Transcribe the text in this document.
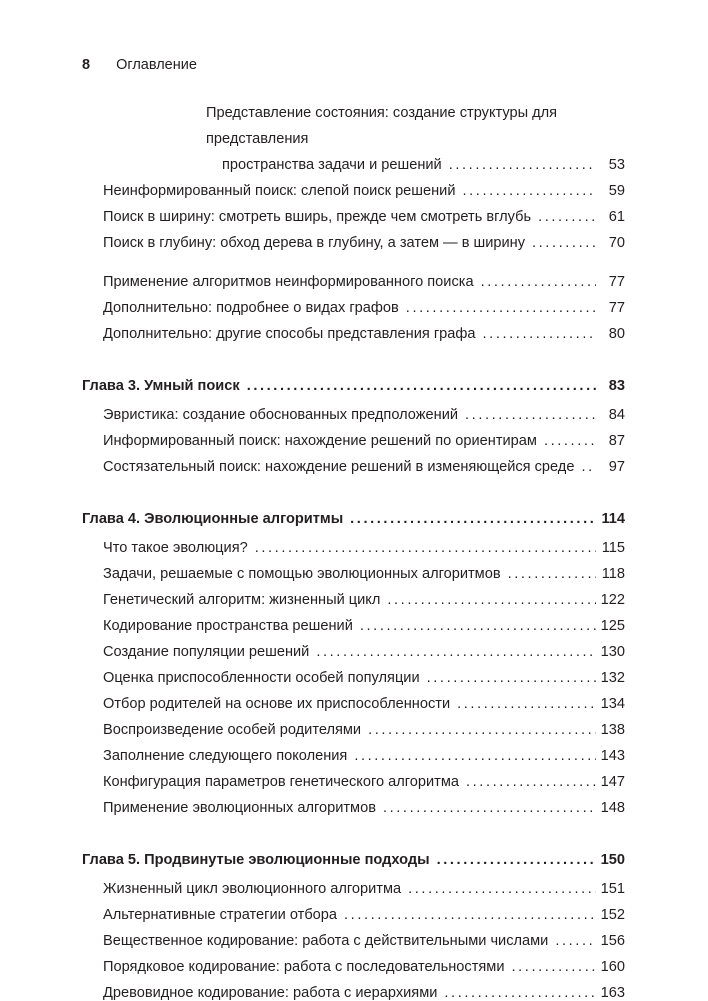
8 Оглавление
Представление состояния: создание структуры для представления
пространства задачи и решений .....	53
Неинформированный поиск: слепой поиск решений .....	59
Поиск в ширину: смотреть вширь, прежде чем смотреть вглубь .....	61
Поиск в глубину: обход дерева в глубину, а затем — в ширину .....	70
Применение алгоритмов неинформированного поиска .....	77
Дополнительно: подробнее о видах графов .....	77
Дополнительно: другие способы представления графа .....	80
Глава 3. Умный поиск .....	83
Эвристика: создание обоснованных предположений .....	84
Информированный поиск: нахождение решений по ориентирам .....	87
Состязательный поиск: нахождение решений в изменяющейся среде .....	97
Глава 4. Эволюционные алгоритмы .....	114
Что такое эволюция? .....	115
Задачи, решаемые с помощью эволюционных алгоритмов .....	118
Генетический алгоритм: жизненный цикл .....	122
Кодирование пространства решений .....	125
Создание популяции решений .....	130
Оценка приспособленности особей популяции .....	132
Отбор родителей на основе их приспособленности .....	134
Воспроизведение особей родителями .....	138
Заполнение следующего поколения .....	143
Конфигурация параметров генетического алгоритма .....	147
Применение эволюционных алгоритмов .....	148
Глава 5. Продвинутые эволюционные подходы .....	150
Жизненный цикл эволюционного алгоритма .....	151
Альтернативные стратегии отбора .....	152
Вещественное кодирование: работа с действительными числами .....	156
Порядковое кодирование: работа с последовательностями .....	160
Древовидное кодирование: работа с иерархиями .....	163
